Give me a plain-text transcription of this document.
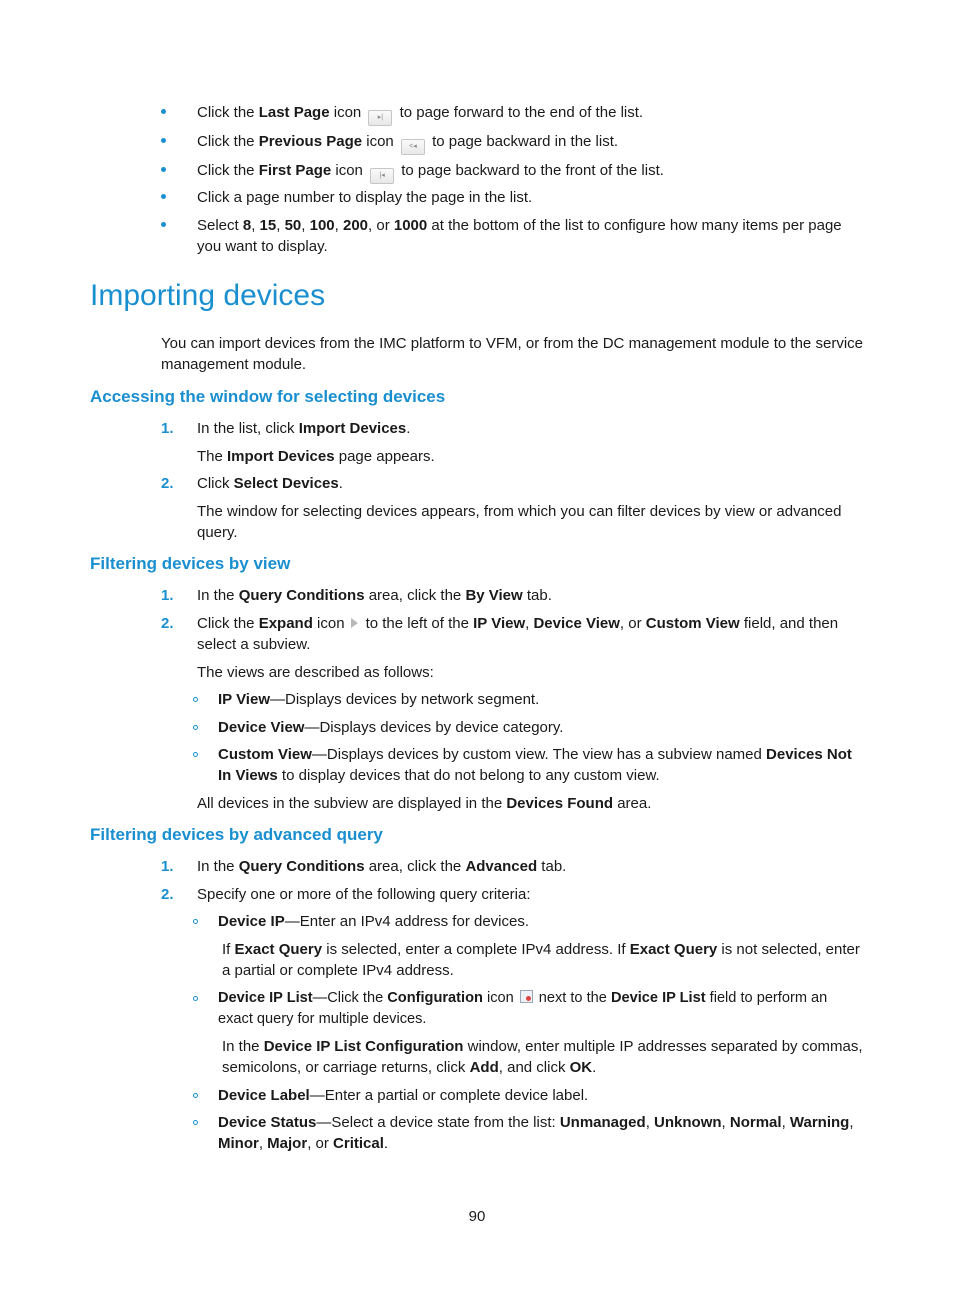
Click the Last Page icon ▸| to page forward to the end of the list.
Click the Previous Page icon <◂ to page backward in the list.
Click the First Page icon |◂ to page backward to the front of the list.
Click a page number to display the page in the list.
Select 8, 15, 50, 100, 200, or 1000 at the bottom of the list to configure how many items per page you want to display.
Importing devices
You can import devices from the IMC platform to VFM, or from the DC management module to the service management module.
Accessing the window for selecting devices
1. In the list, click Import Devices.
The Import Devices page appears.
2. Click Select Devices.
The window for selecting devices appears, from which you can filter devices by view or advanced query.
Filtering devices by view
1. In the Query Conditions area, click the By View tab.
2. Click the Expand icon to the left of the IP View, Device View, or Custom View field, and then select a subview.
The views are described as follows:
IP View—Displays devices by network segment.
Device View—Displays devices by device category.
Custom View—Displays devices by custom view. The view has a subview named Devices Not In Views to display devices that do not belong to any custom view.
All devices in the subview are displayed in the Devices Found area.
Filtering devices by advanced query
1. In the Query Conditions area, click the Advanced tab.
2. Specify one or more of the following query criteria:
Device IP—Enter an IPv4 address for devices.
If Exact Query is selected, enter a complete IPv4 address. If Exact Query is not selected, enter a partial or complete IPv4 address.
Device IP List—Click the Configuration icon next to the Device IP List field to perform an exact query for multiple devices.
In the Device IP List Configuration window, enter multiple IP addresses separated by commas, semicolons, or carriage returns, click Add, and click OK.
Device Label—Enter a partial or complete device label.
Device Status—Select a device state from the list: Unmanaged, Unknown, Normal, Warning, Minor, Major, or Critical.
90
